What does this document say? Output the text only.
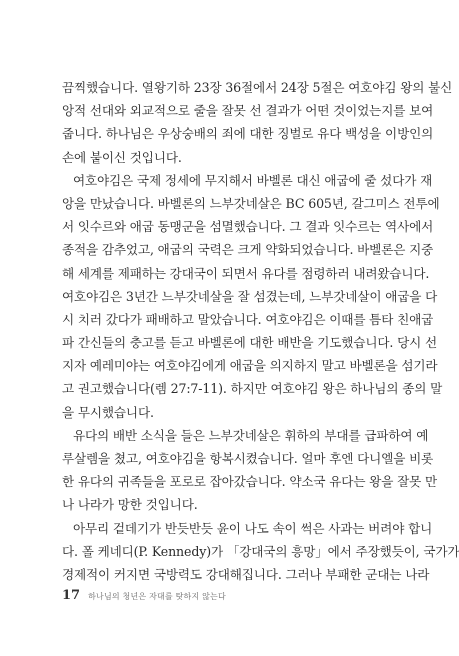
끔찍했습니다. 열왕기하 23장 36절에서 24장 5절은 여호야김 왕의 불신
앙적 선대와 외교적으로 줄을 잘못 선 결과가 어떤 것이었는지를 보여
줍니다. 하나님은 우상숭배의 죄에 대한 징벌로 유다 백성을 이방인의
손에 붙이신 것입니다.
여호야김은 국제 정세에 무지해서 바벨론 대신 애굽에 줄 섰다가 재
앙을 만났습니다. 바벨론의 느부갓네살은 BC 605년, 갈그미스 전투에
서 잇수르와 애굽 동맹군을 섬멸했습니다. 그 결과 잇수르는 역사에서
종적을 감추었고, 애굽의 국력은 크게 약화되었습니다. 바벨론은 지중
해 세계를 제패하는 강대국이 되면서 유다를 점령하러 내려왔습니다.
여호야김은 3년간 느부갓네살을 잘 섬겼는데, 느부갓네살이 애굽을 다
시 치러 갔다가 패배하고 말았습니다. 여호야김은 이때를 틈타 친애굽
파 간신들의 충고를 듣고 바벨론에 대한 배반을 기도했습니다. 당시 선
지자 예레미야는 여호야김에게 애굽을 의지하지 말고 바벨론을 섬기라
고 권고했습니다(렘 27:7-11). 하지만 여호야김 왕은 하나님의 종의 말
을 무시했습니다.
유다의 배반 소식을 들은 느부갓네살은 휘하의 부대를 급파하여 예
루살렘을 쳤고, 여호야김을 항복시켰습니다. 얼마 후엔 다니엘을 비롯
한 유다의 귀족들을 포로로 잡아갔습니다. 약소국 유다는 왕을 잘못 만
나 나라가 망한 것입니다.
아무리 겉데기가 반듯반듯 윤이 나도 속이 썩은 사과는 버려야 합니
다. 폴 케네디(P. Kennedy)가 「강대국의 흥망」에서 주장했듯이, 국가가
경제적이 커지면 국방력도 강대해집니다. 그러나 부패한 군대는 나라
17 하나님의 청년은 자대를 탓하지 않는다
